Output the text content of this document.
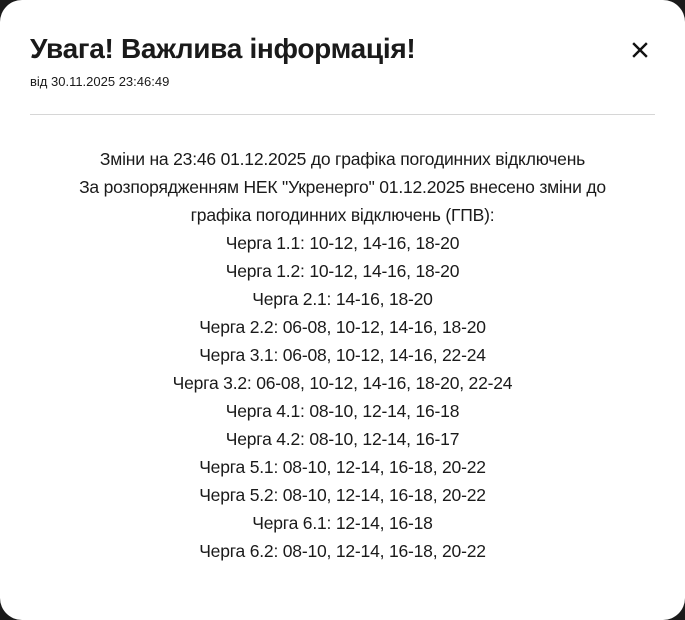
Увага! Важлива інформація!
від 30.11.2025 23:46:49
Зміни на 23:46 01.12.2025 до графіка погодинних відключень
За розпорядженням НЕК "Укренерго" 01.12.2025 внесено зміни до
графіка погодинних відключень (ГПВ):
Черга 1.1: 10-12, 14-16, 18-20
Черга 1.2: 10-12, 14-16, 18-20
Черга 2.1: 14-16, 18-20
Черга 2.2: 06-08, 10-12, 14-16, 18-20
Черга 3.1: 06-08, 10-12, 14-16, 22-24
Черга 3.2: 06-08, 10-12, 14-16, 18-20, 22-24
Черга 4.1: 08-10, 12-14, 16-18
Черга 4.2: 08-10, 12-14, 16-17
Черга 5.1: 08-10, 12-14, 16-18, 20-22
Черга 5.2: 08-10, 12-14, 16-18, 20-22
Черга 6.1: 12-14, 16-18
Черга 6.2: 08-10, 12-14, 16-18, 20-22
